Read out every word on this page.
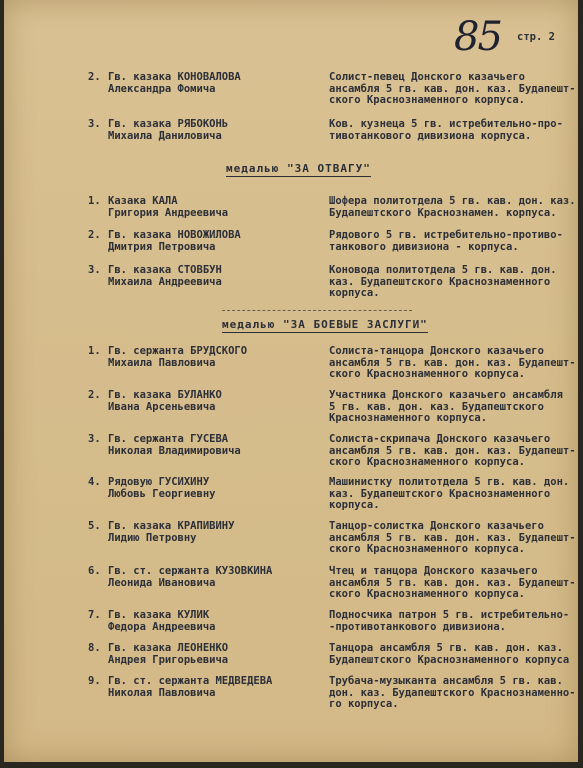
85 стр. 2
2. Гв. казака КОНОВАЛОВА
Александра Фомича
Солист-певец Донского казачьего
ансамбля 5 гв. кав. дон. каз. Будапешт-
ского Краснознаменного корпуса.
3. Гв. казака РЯБОКОНЬ
Михаила Даниловича
Ков. кузнеца 5 гв. истребительно-про-
тивотанкового дивизиона корпуса.
медалью "ЗА ОТВАГУ"
1. Казака КАЛА
Григория Андреевича
Шофера политотдела 5 гв. кав. дон. каз.
Будапештского Краснознамен. корпуса.
2. Гв. казака НОВОЖИЛОВА
Дмитрия Петровича
Рядового 5 гв. истребительно-противо-
танкового дивизиона - корпуса.
3. Гв. казака СТОВБУН
Михаила Андреевича
Коновода политотдела 5 гв. кав. дон.
каз. Будапештского Краснознаменного
корпуса.
медалью "ЗА БОЕВЫЕ ЗАСЛУГИ"
1. Гв. сержанта БРУДСКОГО
Михаила Павловича
Солиста-танцора Донского казачьего
ансамбля 5 гв. кав. дон. каз. Будапешт-
ского Краснознаменного корпуса.
2. Гв. казака БУЛАНКО
Ивана Арсеньевича
Участника Донского казачьего ансамбля
5 гв. кав. дон. каз. Будапештского
Краснознаменного корпуса.
3. Гв. сержанта ГУСЕВА
Николая Владимировича
Солиста-скрипача Донского казачьего
ансамбля 5 гв. кав. дон. каз. Будапешт-
ского Краснознаменного корпуса.
4. Рядовую ГУСИХИНУ
Любовь Георгиевну
Машинистку политотдела 5 гв. кав. дон.
каз. Будапештского Краснознаменного
корпуса.
5. Гв. казака КРАПИВИНУ
Лидию Петровну
Танцор-солистка Донского казачьего
ансамбля 5 гв. кав. дон. каз. Будапешт-
ского Краснознаменного корпуса.
6. Гв. ст. сержанта КУЗОВКИНА
Леонида Ивановича
Чтец и танцора Донского казачьего
ансамбля 5 гв. кав. дон. каз. Будапешт-
ского Краснознаменного корпуса.
7. Гв. казака КУЛИК
Федора Андреевича
Подносчика патрон 5 гв. истребительно-
-противотанкового дивизиона.
8. Гв. казака ЛЕОНЕНКО
Андрея Григорьевича
Танцора ансамбля 5 гв. кав. дон. каз.
Будапештского Краснознаменного корпуса
9. Гв. ст. сержанта МЕДВЕДЕВА
Николая Павловича
Трубача-музыканта ансамбля 5 гв. кав.
дон. каз. Будапештского Краснознаменно-
го корпуса.
